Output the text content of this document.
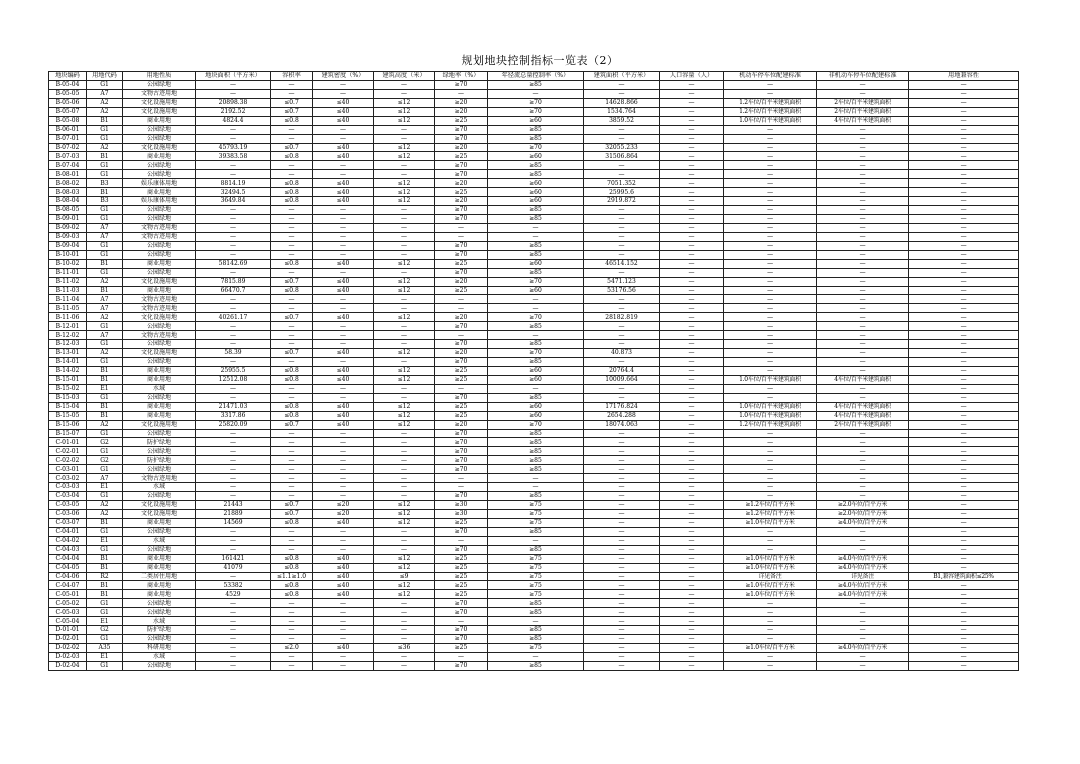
规划地块控制指标一览表（2）
地块编码	用地代码	用地性质	地块面积（平方米）	容积率	建筑密度（%）	建筑高度（米）	绿地率（%）	年径流总量控制率（%）	建筑面积（平方米）	人口容量（人）	机动车停车位配建标准	非机动车停车位配建标准	用地兼容性
B-05-04	G1	公园绿地	—	—	—	—	≥70	≥85	—	—	—	—	—
B-05-05	A7	文物古迹用地	—	—	—	—	—	—	—	—	—	—	—
B-05-06	A2	文化设施用地	20898.38	≤0.7	≤40	≤12	≥20	≥70	14628.866	—	1.2车位/百平米建筑面积	2车位/百平米建筑面积	—
B-05-07	A2	文化设施用地	2192.52	≤0.7	≤40	≤12	≥20	≥70	1534.764	—	1.2车位/百平米建筑面积	2车位/百平米建筑面积	—
B-05-08	B1	商业用地	4824.4	≤0.8	≤40	≤12	≥25	≥60	3859.52	—	1.0车位/百平米建筑面积	4车位/百平米建筑面积	—
B-06-01	G1	公园绿地	—	—	—	—	≥70	≥85	—	—	—	—	—
B-07-01	G1	公园绿地	—	—	—	—	≥70	≥85	—	—	—	—	—
B-07-02	A2	文化设施用地	45793.19	≤0.7	≤40	≤12	≥20	≥70	32055.233	—	—	—	—
B-07-03	B1	商业用地	39383.58	≤0.8	≤40	≤12	≥25	≥60	31506.864	—	—	—	—
B-07-04	G1	公园绿地	—	—	—	—	≥70	≥85	—	—	—	—	—
B-08-01	G1	公园绿地	—	—	—	—	≥70	≥85	—	—	—	—	—
B-08-02	B3	娱乐康体用地	8814.19	≤0.8	≤40	≤12	≥20	≥60	7051.352	—	—	—	—
B-08-03	B1	商业用地	32494.5	≤0.8	≤40	≤12	≥25	≥60	25995.6	—	—	—	—
B-08-04	B3	娱乐康体用地	3649.84	≤0.8	≤40	≤12	≥20	≥60	2919.872	—	—	—	—
B-08-05	G1	公园绿地	—	—	—	—	≥70	≥85	—	—	—	—	—
B-09-01	G1	公园绿地	—	—	—	—	≥70	≥85	—	—	—	—	—
B-09-02	A7	文物古迹用地	—	—	—	—	—	—	—	—	—	—	—
B-09-03	A7	文物古迹用地	—	—	—	—	—	—	—	—	—	—	—
B-09-04	G1	公园绿地	—	—	—	—	≥70	≥85	—	—	—	—	—
B-10-01	G1	公园绿地	—	—	—	—	≥70	≥85	—	—	—	—	—
B-10-02	B1	商业用地	58142.69	≤0.8	≤40	≤12	≥25	≥60	46514.152	—	—	—	—
B-11-01	G1	公园绿地	—	—	—	—	≥70	≥85	—	—	—	—	—
B-11-02	A2	文化设施用地	7815.89	≤0.7	≤40	≤12	≥20	≥70	5471.123	—	—	—	—
B-11-03	B1	商业用地	66470.7	≤0.8	≤40	≤12	≥25	≥60	53176.56	—	—	—	—
B-11-04	A7	文物古迹用地	—	—	—	—	—	—	—	—	—	—	—
B-11-05	A7	文物古迹用地	—	—	—	—	—	—	—	—	—	—	—
B-11-06	A2	文化设施用地	40261.17	≤0.7	≤40	≤12	≥20	≥70	28182.819	—	—	—	—
B-12-01	G1	公园绿地	—	—	—	—	≥70	≥85	—	—	—	—	—
B-12-02	A7	文物古迹用地	—	—	—	—	—	—	—	—	—	—	—
B-12-03	G1	公园绿地	—	—	—	—	≥70	≥85	—	—	—	—	—
B-13-01	A2	文化设施用地	58.39	≤0.7	≤40	≤12	≥20	≥70	40.873	—	—	—	—
B-14-01	G1	公园绿地	—	—	—	—	≥70	≥85	—	—	—	—	—
B-14-02	B1	商业用地	25955.5	≤0.8	≤40	≤12	≥25	≥60	20764.4	—	—	—	—
B-15-01	B1	商业用地	12512.08	≤0.8	≤40	≤12	≥25	≥60	10009.664	—	1.0车位/百平米建筑面积	4车位/百平米建筑面积	—
B-15-02	E1	水域	—	—	—	—	—	—	—	—	—	—	—
B-15-03	G1	公园绿地	—	—	—	—	≥70	≥85	—	—	—	—	—
B-15-04	B1	商业用地	21471.03	≤0.8	≤40	≤12	≥25	≥60	17176.824	—	1.0车位/百平米建筑面积	4车位/百平米建筑面积	—
B-15-05	B1	商业用地	3317.86	≤0.8	≤40	≤12	≥25	≥60	2654.288	—	1.0车位/百平米建筑面积	4车位/百平米建筑面积	—
B-15-06	A2	文化设施用地	25820.09	≤0.7	≤40	≤12	≥20	≥70	18074.063	—	1.2车位/百平米建筑面积	2车位/百平米建筑面积	—
B-15-07	G1	公园绿地	—	—	—	—	≥70	≥85	—	—	—	—	—
C-01-01	G2	防护绿地	—	—	—	—	≥70	≥85	—	—	—	—	—
C-02-01	G1	公园绿地	—	—	—	—	≥70	≥85	—	—	—	—	—
C-02-02	G2	防护绿地	—	—	—	—	≥70	≥85	—	—	—	—	—
C-03-01	G1	公园绿地	—	—	—	—	≥70	≥85	—	—	—	—	—
C-03-02	A7	文物古迹用地	—	—	—	—	—	—	—	—	—	—	—
C-03-03	E1	水域	—	—	—	—	—	—	—	—	—	—	—
C-03-04	G1	公园绿地	—	—	—	—	≥70	≥85	—	—	—	—	—
C-03-05	A2	文化设施用地	21443	≤0.7	≤20	≤12	≥30	≥75	—	—	≥1.2车位/百平方米	≥2.0车位/百平方米	—
C-03-06	A2	文化设施用地	21889	≤0.7	≤20	≤12	≥30	≥75	—	—	≥1.2车位/百平方米	≥2.0车位/百平方米	—
C-03-07	B1	商业用地	14569	≤0.8	≤40	≤12	≥25	≥75	—	—	≥1.0车位/百平方米	≥4.0车位/百平方米	—
C-04-01	G1	公园绿地	—	—	—	—	≥70	≥85	—	—	—	—	—
C-04-02	E1	水域	—	—	—	—	—	—	—	—	—	—	—
C-04-03	G1	公园绿地	—	—	—	—	≥70	≥85	—	—	—	—	—
C-04-04	B1	商业用地	161421	≤0.8	≤40	≤12	≥25	≥75	—	—	≥1.0车位/百平方米	≥4.0车位/百平方米	—
C-04-05	B1	商业用地	41079	≤0.8	≤40	≤12	≥25	≥75	—	—	≥1.0车位/百平方米	≥4.0车位/百平方米	—
C-04-06	R2	二类居住用地	—	≤1.1≥1.0	≤40	≤9	≥25	≥75	—	—	详见备注	详见备注	B1,兼容建筑面积≤25%
C-04-07	B1	商业用地	53382	≤0.8	≤40	≤12	≥25	≥75	—	—	≥1.0车位/百平方米	≥4.0车位/百平方米	—
C-05-01	B1	商业用地	4529	≤0.8	≤40	≤12	≥25	≥75	—	—	≥1.0车位/百平方米	≥4.0车位/百平方米	—
C-05-02	G1	公园绿地	—	—	—	—	≥70	≥85	—	—	—	—	—
C-05-03	G1	公园绿地	—	—	—	—	≥70	≥85	—	—	—	—	—
C-05-04	E1	水域	—	—	—	—	—	—	—	—	—	—	—
D-01-01	G2	防护绿地	—	—	—	—	≥70	≥85	—	—	—	—	—
D-02-01	G1	公园绿地	—	—	—	—	≥70	≥85	—	—	—	—	—
D-02-02	A35	科研用地	—	≤2.0	≤40	≤36	≥25	≥75	—	—	≥1.0车位/百平方米	≥4.0车位/百平方米	—
D-02-03	E1	水域	—	—	—	—	—	—	—	—	—	—	—
D-02-04	G1	公园绿地	—	—	—	—	≥70	≥85	—	—	—	—	—
